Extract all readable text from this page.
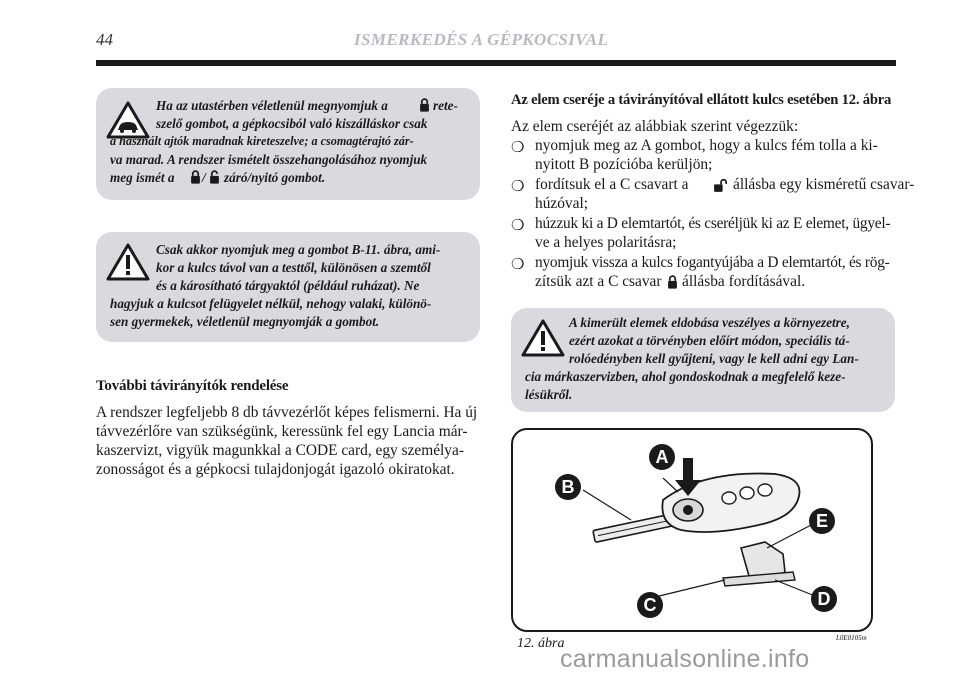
44	ISMERKEDÉS A GÉPKOCSIVAL
Ha az utastérben véletlenül megnyomjuk a	rete-
szelő gombot, a gépkocsiból való kiszálláskor csak
a használt ajtók maradnak kireteszelve; a csomagtérajtó zár-
va marad. A rendszer ismételt összehangolásához nyomjuk
meg ismét a / záró/nyitó gombot.
Csak akkor nyomjuk meg a gombot B-11. ábra, ami-
kor a kulcs távol van a testtől, különösen a szemtől
és a károsítható tárgyaktól (például ruházat). Ne
hagyjuk a kulcsot felügyelet nélkül, nehogy valaki, különö-
sen gyermekek, véletlenül megnyomják a gombot.
További távirányítók rendelése
A rendszer legfeljebb 8 db távvezérlőt képes felismerni. Ha új
távvezérlőre van szükségünk, keressünk fel egy Lancia már-
kaszervizt, vigyük magunkkal a CODE card, egy személya-
zonosságot és a gépkocsi tulajdonjogát igazoló okiratokat.
Az elem cseréje a távirányítóval ellátott kulcs esetében 12. ábra
Az elem cseréjét az alábbiak szerint végezzük:
❍ nyomjuk meg az A gombot, hogy a kulcs fém tolla a ki-
nyitott B pozícióba kerüljön;
❍ fordítsuk el a C csavart a	állásba egy kisméretű csavar-
húzóval;
❍ húzzuk ki a D elemtartót, és cseréljük ki az E elemet, ügyel-
ve a helyes polaritásra;
❍ nyomjuk vissza a kulcs fogantyújába a D elemtartót, és rög-
zítsük azt a C csavar állásba fordításával.
A kimerült elemek eldobása veszélyes a környezetre,
ezért azokat a törvényben előírt módon, speciális tá-
rolóedényben kell gyűjteni, vagy le kell adni egy Lan-
cia márkaszervizben, ahol gondoskodnak a megfelelő keze-
lésükről.
A
B
C	D
E
12. ábra	L0E0105m
carmanualsonline.info
